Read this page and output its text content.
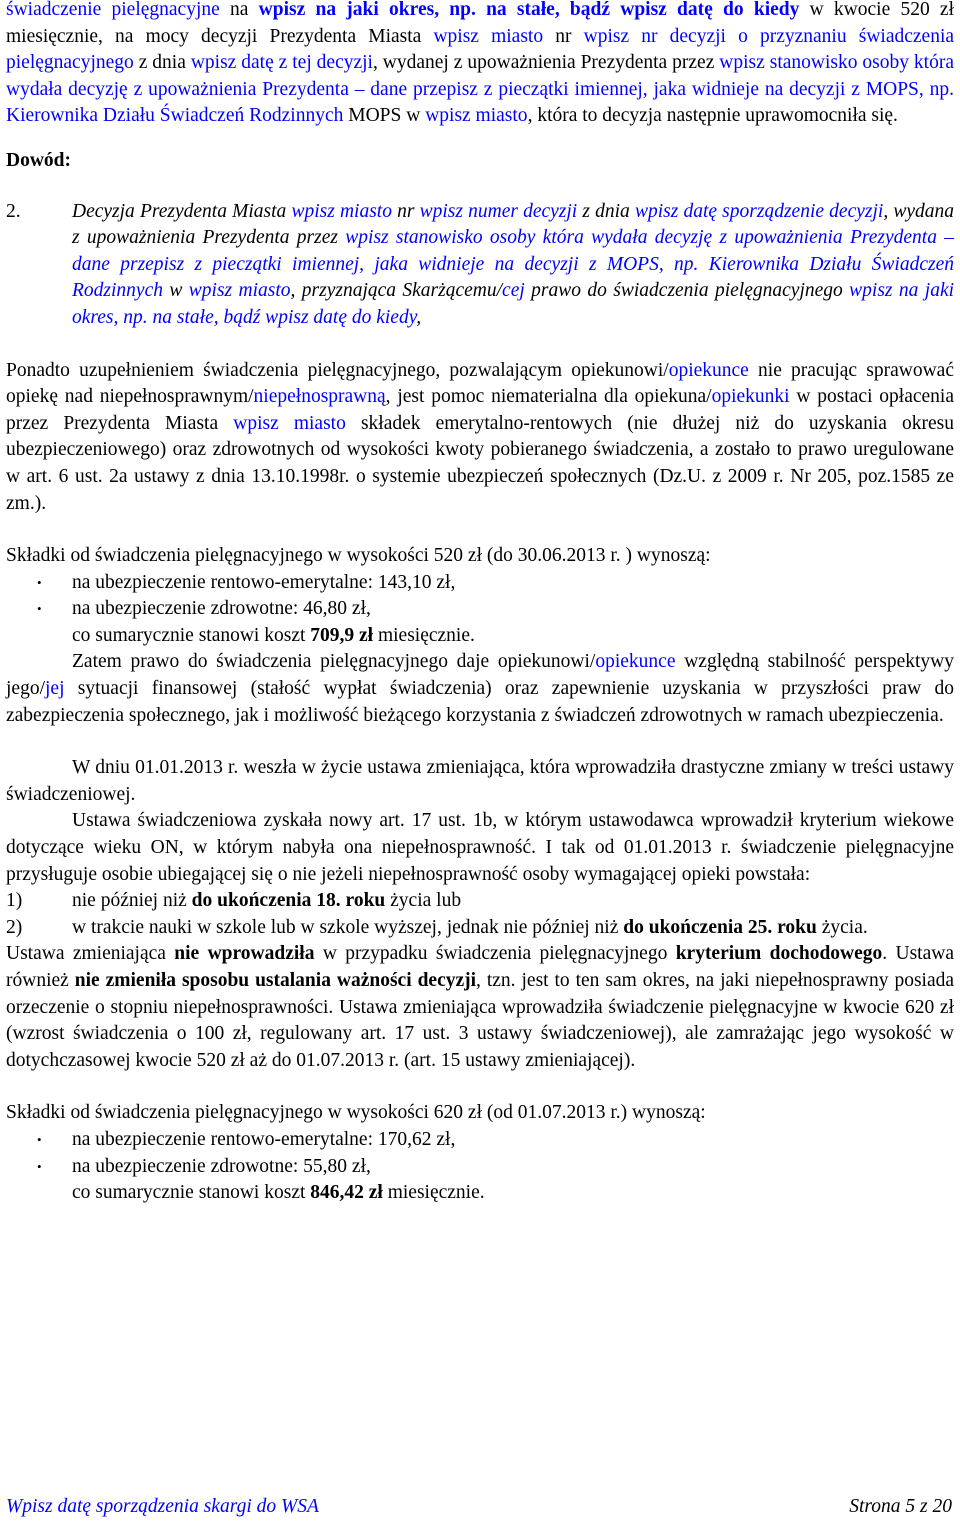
świadczenie pielęgnacyjne na wpisz na jaki okres, np. na stałe, bądź wpisz datę do kiedy w kwocie 520 zł miesięcznie, na mocy decyzji Prezydenta Miasta wpisz miasto nr wpisz nr decyzji o przyznaniu świadczenia pielęgnacyjnego z dnia wpisz datę z tej decyzji, wydanej z upoważnienia Prezydenta przez wpisz stanowisko osoby która wydała decyzję z upoważnienia Prezydenta – dane przepisz z pieczątki imiennej, jaka widnieje na decyzji z MOPS, np. Kierownika Działu Świadczeń Rodzinnych MOPS w wpisz miasto, która to decyzja następnie uprawomocniła się.

Dowód:

2.	Decyzja Prezydenta Miasta wpisz miasto nr wpisz numer decyzji z dnia wpisz datę sporządzenie decyzji, wydana z upoważnienia Prezydenta przez wpisz stanowisko osoby która wydała decyzję z upoważnienia Prezydenta – dane przepisz z pieczątki imiennej, jaka widnieje na decyzji z MOPS, np. Kierownika Działu Świadczeń Rodzinnych w wpisz miasto, przyznająca Skarżącemu/cej prawo do świadczenia pielęgnacyjnego wpisz na jaki okres, np. na stałe, bądź wpisz datę do kiedy,

Ponadto uzupełnieniem świadczenia pielęgnacyjnego, pozwalającym opiekunowi/opiekunce nie pracując sprawować opiekę nad niepełnosprawnym/niepełnosprawną, jest pomoc niematerialna dla opiekuna/opiekunki w postaci opłacenia przez Prezydenta Miasta wpisz miasto składek emerytalno-rentowych (nie dłużej niż do uzyskania okresu ubezpieczeniowego) oraz zdrowotnych od wysokości kwoty pobieranego świadczenia, a zostało to prawo uregulowane w art. 6 ust. 2a ustawy z dnia 13.10.1998r. o systemie ubezpieczeń społecznych (Dz.U. z 2009 r. Nr 205, poz.1585 ze zm.).

Składki od świadczenia pielęgnacyjnego w wysokości 520 zł (do 30.06.2013 r. ) wynoszą:

• na ubezpieczenie rentowo-emerytalne: 143,10 zł,
• na ubezpieczenie zdrowotne: 46,80 zł,
co sumarycznie stanowi koszt 709,9 zł miesięcznie.

Zatem prawo do świadczenia pielęgnacyjnego daje opiekunowi/opiekunce względną stabilność perspektywy jego/jej sytuacji finansowej (stałość wypłat świadczenia) oraz zapewnienie uzyskania w przyszłości praw do zabezpieczenia społecznego, jak i możliwość bieżącego korzystania z świadczeń zdrowotnych w ramach ubezpieczenia.

W dniu 01.01.2013 r. weszła w życie ustawa zmieniająca, która wprowadziła drastyczne zmiany w treści ustawy świadczeniowej.

Ustawa świadczeniowa zyskała nowy art. 17 ust. 1b, w którym ustawodawca wprowadził kryterium wiekowe dotyczące wieku ON, w którym nabyła ona niepełnosprawność. I tak od 01.01.2013 r. świadczenie pielęgnacyjne przysługuje osobie ubiegającej się o nie jeżeli niepełnosprawność osoby wymagającej opieki powstała:

1)	nie później niż do ukończenia 18. roku życia lub

2)	w trakcie nauki w szkole lub w szkole wyższej, jednak nie później niż do ukończenia 25. roku życia.

Ustawa zmieniająca nie wprowadziła w przypadku świadczenia pielęgnacyjnego kryterium dochodowego. Ustawa również nie zmieniła sposobu ustalania ważności decyzji, tzn. jest to ten sam okres, na jaki niepełnosprawny posiada orzeczenie o stopniu niepełnosprawności. Ustawa zmieniająca wprowadziła świadczenie pielęgnacyjne w kwocie 620 zł (wzrost świadczenia o 100 zł, regulowany art. 17 ust. 3 ustawy świadczeniowej), ale zamrażając jego wysokość w dotychczasowej kwocie 520 zł aż do 01.07.2013 r. (art. 15 ustawy zmieniającej).

Składki od świadczenia pielęgnacyjnego w wysokości 620 zł (od 01.07.2013 r.) wynoszą:

• na ubezpieczenie rentowo-emerytalne: 170,62 zł,
• na ubezpieczenie zdrowotne: 55,80 zł,
co sumarycznie stanowi koszt 846,42 zł miesięcznie.
Wpisz datę sporządzenia skargi do WSA	Strona 5 z 20
